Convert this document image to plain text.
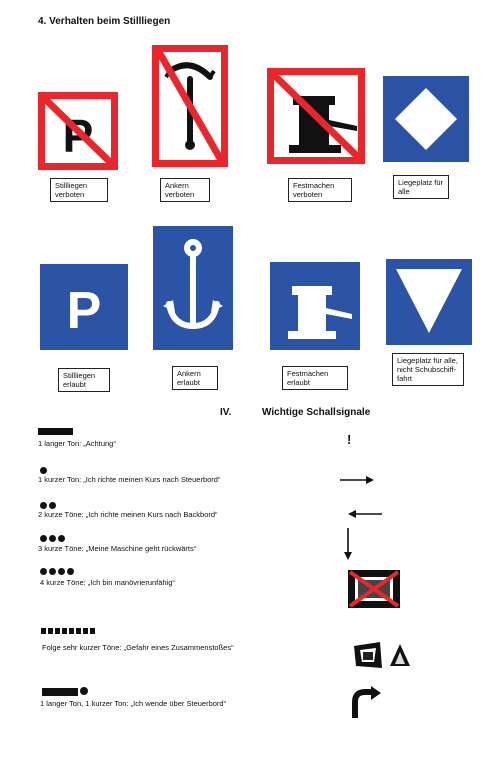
4. Verhalten beim Stillliegen
P
Stillliegen verboten
Ankern verboten
Festmachen verboten
Liegeplatz für alle
P
Stillliegen erlaubt
Ankern erlaubt
Festmachen erlaubt
Liegeplatz für alle, nicht Schubschiff-fahrt
IV.	Wichtige Schallsignale
1 langer Ton: „Achtung“	!
1 kurzer Ton: „Ich richte meinen Kurs nach Steuerbord“
2 kurze Töne: „Ich richte meinen Kurs nach Backbord“
3 kurze Töne: „Meine Maschine geht rückwärts“
4 kurze Töne: „Ich bin manövrierunfähig“
Folge sehr kurzer Töne: „Gefahr eines Zusammenstoßes“
1 langer Ton, 1 kurzer Ton: „Ich wende über Steuerbord“
